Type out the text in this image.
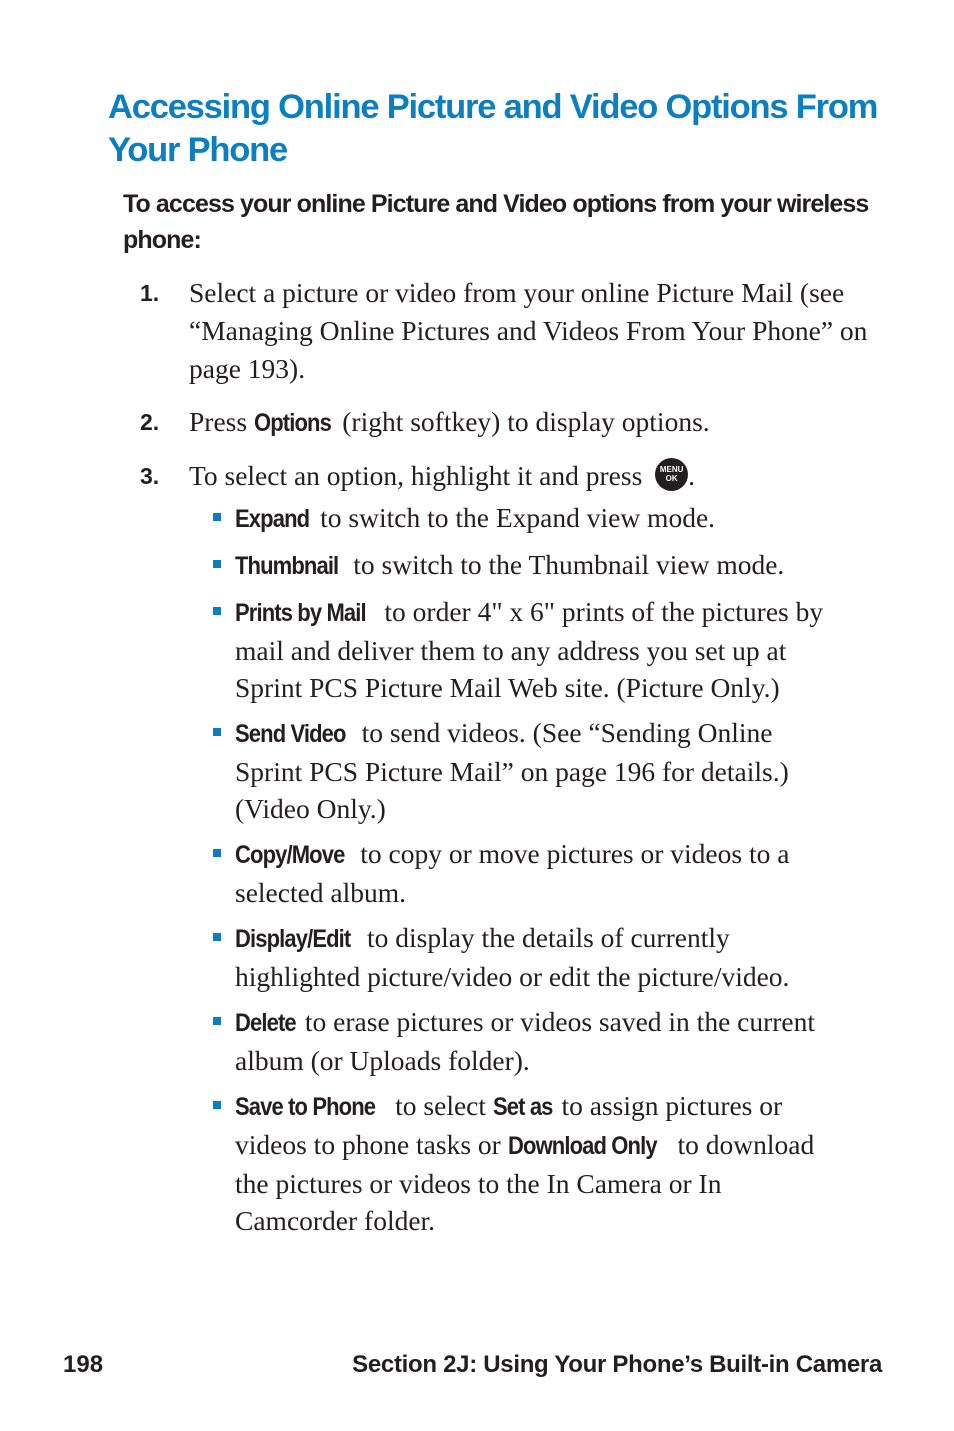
Accessing Online Picture and Video Options From Your Phone

To access your online Picture and Video options from your wireless phone:

1. Select a picture or video from your online Picture Mail (see “Managing Online Pictures and Videos From Your Phone” on page 193).
2. Press Options (right softkey) to display options.
3. To select an option, highlight it and press	MENU
OK .
Expand to switch to the Expand view mode.
Thumbnail to switch to the Thumbnail view mode.
Prints by Mail to order 4" x 6" prints of the pictures by mail and deliver them to any address you set up at Sprint PCS Picture Mail Web site. (Picture Only.)
Send Video to send videos. (See “Sending Online Sprint PCS Picture Mail” on page 196 for details.) (Video Only.)
Copy/Move to copy or move pictures or videos to a selected album.
Display/Edit to display the details of currently highlighted picture/video or edit the picture/video.
Delete to erase pictures or videos saved in the current album (or Uploads folder).
Save to Phone to select Set as to assign pictures or videos to phone tasks or Download Only to download the pictures or videos to the In Camera or In Camcorder folder.
198	Section 2J: Using Your Phone’s Built-in Camera
